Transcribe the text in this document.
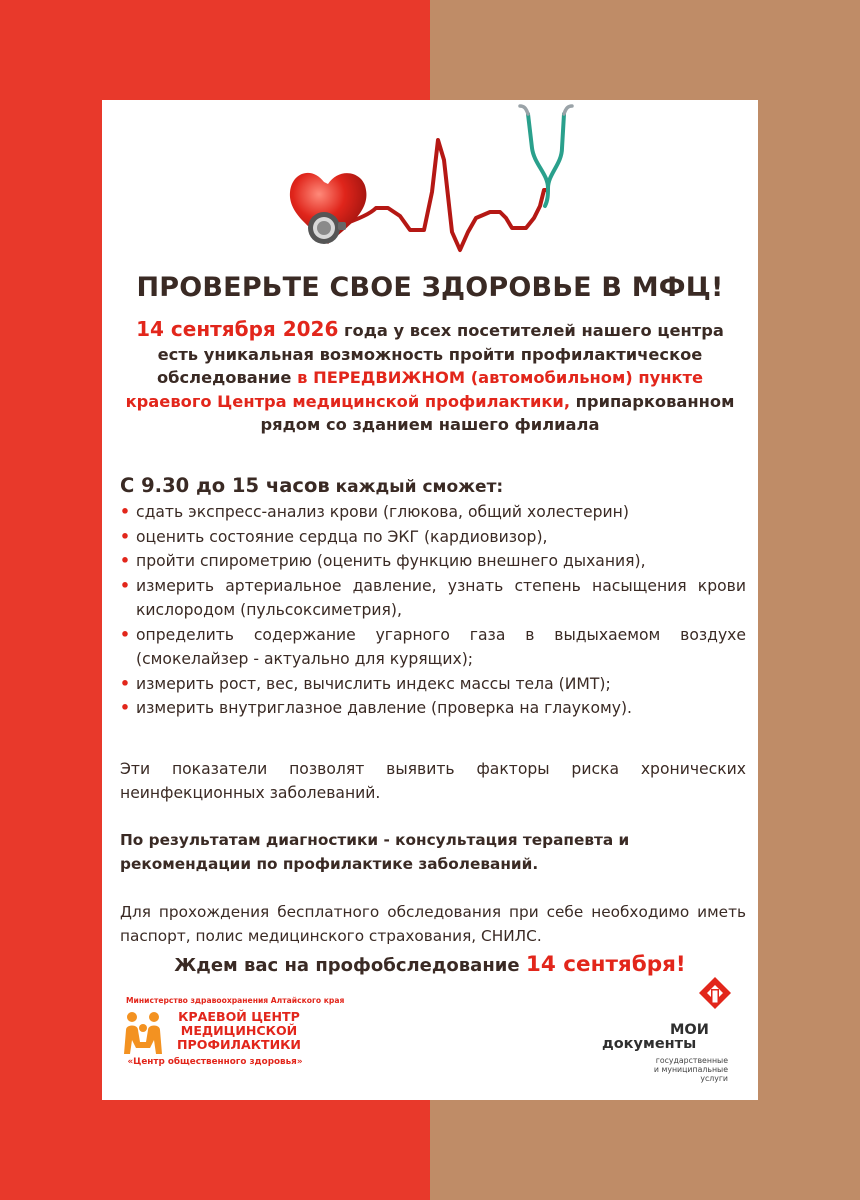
ПРОВЕРЬТЕ СВОЕ ЗДОРОВЬЕ В МФЦ!
14 сентября 2026 года у всех посетителей нашего центра есть уникальная возможность пройти профилактическое обследование в ПЕРЕДВИЖНОМ (автомобильном) пункте краевого Центра медицинской профилактики, припаркованном рядом со зданием нашего филиала
С 9.30 до 15 часов каждый сможет:
• сдать экспресс-анализ крови (глюкова, общий холестерин)
• оценить состояние сердца по ЭКГ (кардиовизор),
• пройти спирометрию (оценить функцию внешнего дыхания),
• измерить артериальное давление, узнать степень насыщения крови кислородом (пульсоксиметрия),
• определить содержание угарного газа в выдыхаемом воздухе (смокелайзер - актуально для курящих);
• измерить рост, вес, вычислить индекс массы тела (ИМТ);
• измерить внутриглазное давление (проверка на глаукому).
Эти показатели позволят выявить факторы риска хронических неинфекционных заболеваний.
По результатам диагностики - консультация терапевта и рекомендации по профилактике заболеваний.
Для прохождения бесплатного обследования при себе необходимо иметь паспорт, полис медицинского страхования, СНИЛС.
Ждем вас на профобследование 14 сентября!
Министерство здравоохранения Алтайского края
КРАЕВОЙ ЦЕНТР
МЕДИЦИНСКОЙ
ПРОФИЛАКТИКИ
«Центр общественного здоровья»
МОИ
документы
государственные
и муниципальные услуги
